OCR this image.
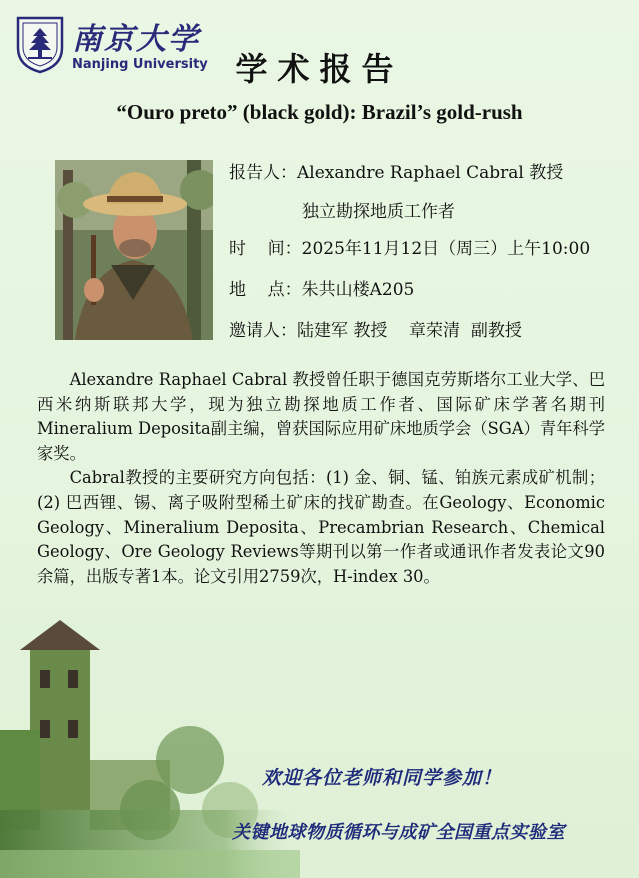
南京大学
Nanjing University 学术报告
“Ouro preto” (black gold): Brazil’s gold-rush
报告人：Alexandre Raphael Cabral 教授
独立勘探地质工作者
时    间：2025年11月12日（周三）上午10:00
地    点：朱共山楼A205
邀请人：陆建军 教授    章荣清  副教授

Alexandre Raphael Cabral 教授曾任职于德国克劳斯塔尔工业大学、巴西米纳斯联邦大学，现为独立勘探地质工作者、国际矿床学著名期刊Mineralium Deposita副主编，曾获国际应用矿床地质学会（SGA）青年科学家奖。

Cabral教授的主要研究方向包括：(1) 金、铜、锰、铂族元素成矿机制；(2) 巴西锂、锡、离子吸附型稀土矿床的找矿勘查。在Geology、Economic Geology、Mineralium Deposita、Precambrian Research、Chemical Geology、Ore Geology Reviews等期刊以第一作者或通讯作者发表论文90余篇，出版专著1本。论文引用2759次，H-index 30。

欢迎各位老师和同学参加！
关键地球物质循环与成矿全国重点实验室
